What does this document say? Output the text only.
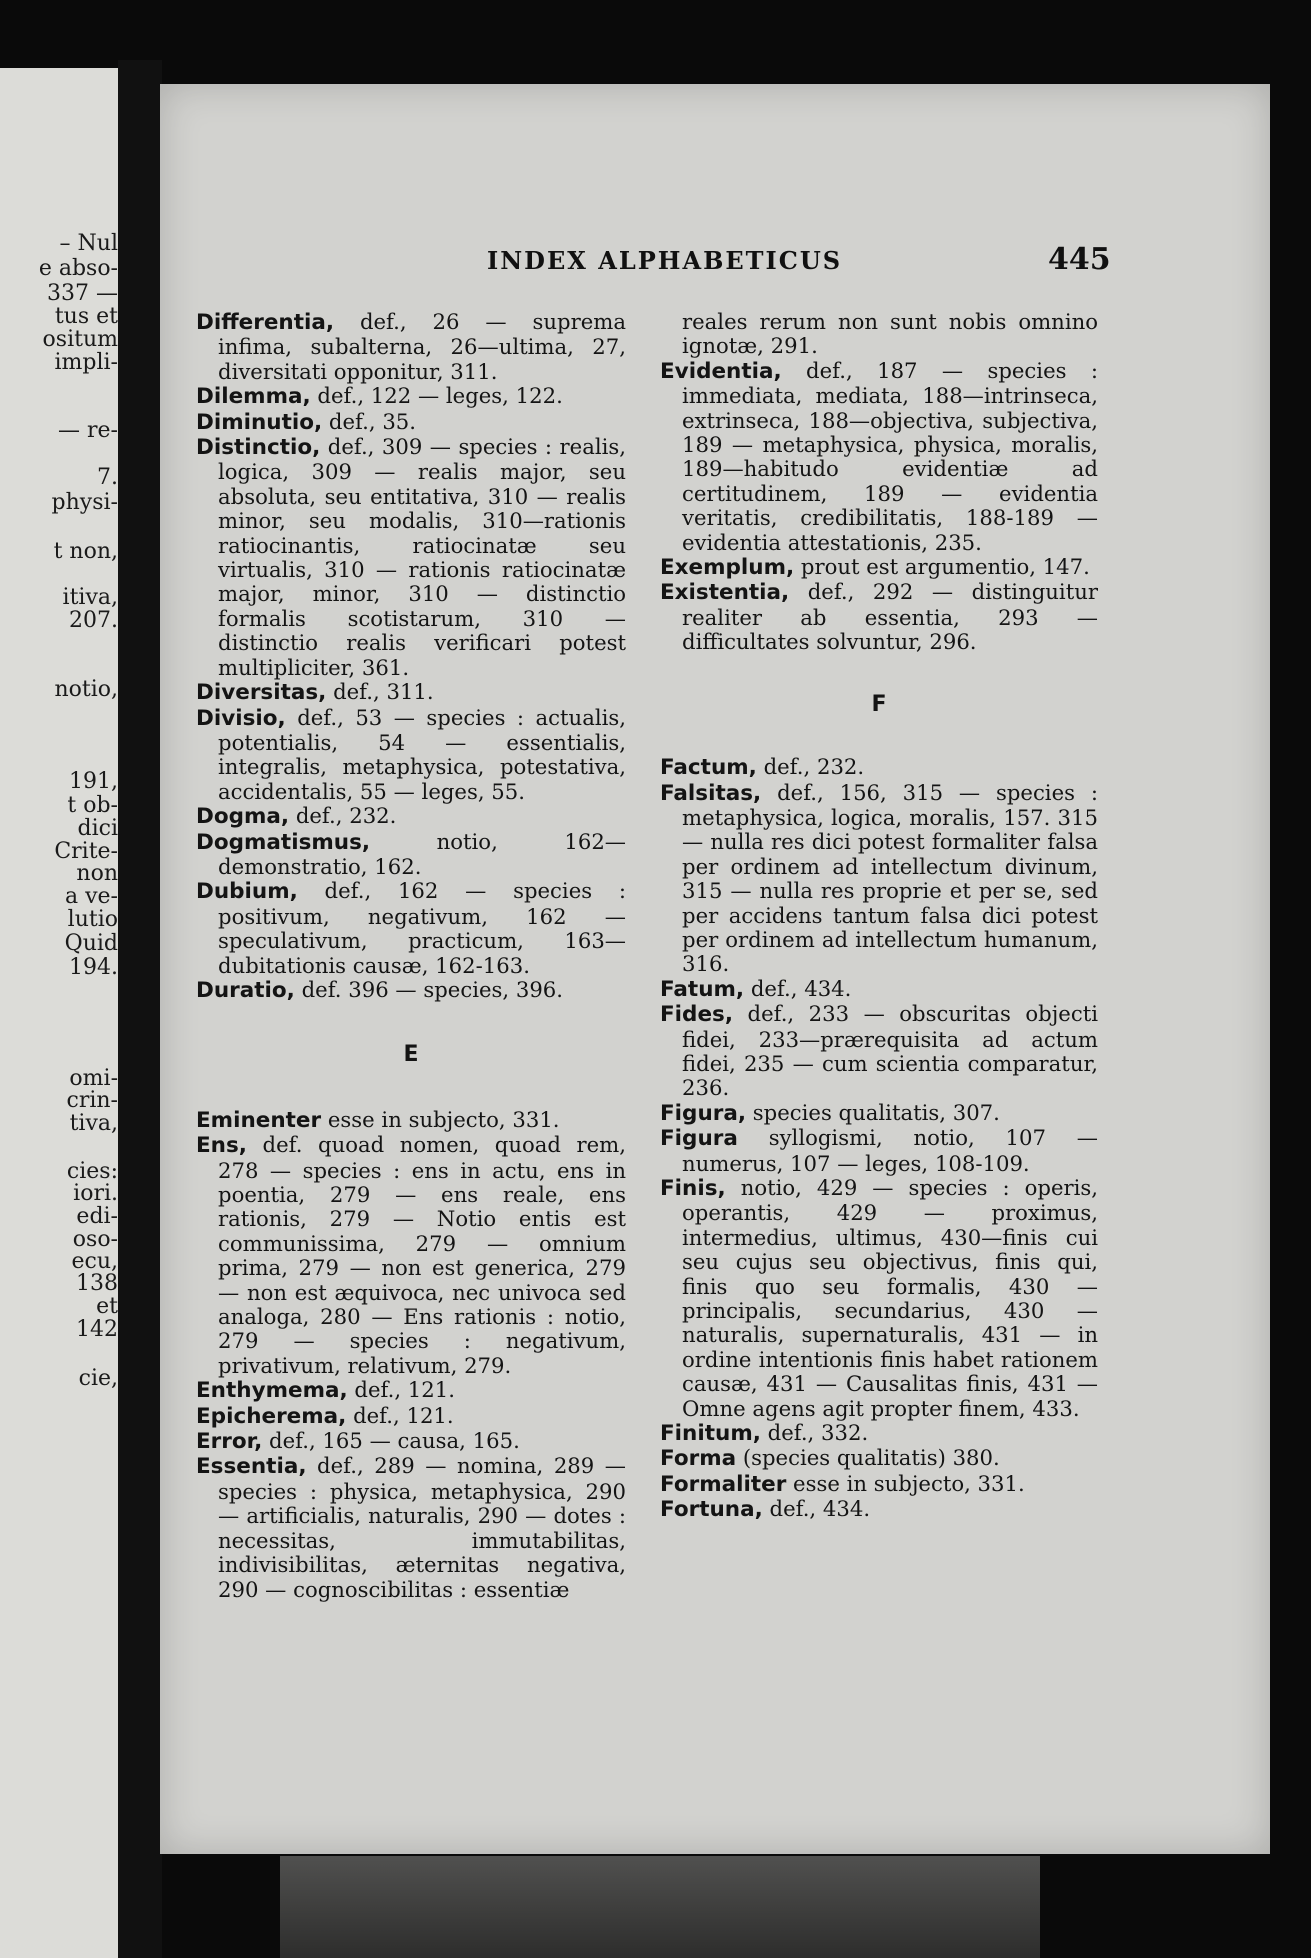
– Nul
e abso-
337 —
tus et
ositum
impli-
— re-
7.
physi-
t non,
itiva,
207.
notio,
191,
t ob-
dici
Crite-
non
a ve-
lutio
Quid
194.
omi-
crin-
tiva,
cies:
iori.
edi-
oso-
ecu,
138
et
142
cie,
INDEX ALPHABETICUS	445

Differentia, def., 26 — suprema infima, subalterna, 26—ultima, 27, diversitati opponitur, 311.

Dilemma, def., 122 — leges, 122.

Diminutio, def., 35.

Distinctio, def., 309 — species : realis, logica, 309 — realis major, seu absoluta, seu entitativa, 310 — realis minor, seu modalis, 310—rationis ratiocinantis, ratiocinatæ seu virtualis, 310 — rationis ratiocinatæ major, minor, 310 — distinctio formalis scotistarum, 310 — distinctio realis verificari potest multipliciter, 361.

Diversitas, def., 311.

Divisio, def., 53 — species : actualis, potentialis, 54 — essentialis, integralis, metaphysica, potestativa, accidentalis, 55 — leges, 55.

Dogma, def., 232.

Dogmatismus, notio, 162—demonstratio, 162.

Dubium, def., 162 — species : positivum, negativum, 162 — speculativum, practicum, 163—dubitationis causæ, 162-163.

Duratio, def. 396 — species, 396.

E

Eminenter esse in subjecto, 331.

Ens, def. quoad nomen, quoad rem, 278 — species : ens in actu, ens in poentia, 279 — ens reale, ens rationis, 279 — Notio entis est communissima, 279 — omnium prima, 279 — non est generica, 279 — non est æquivoca, nec univoca sed analoga, 280 — Ens rationis : notio, 279 — species : negativum, privativum, relativum, 279.

Enthymema, def., 121.

Epicherema, def., 121.

Error, def., 165 — causa, 165.

Essentia, def., 289 — nomina, 289 — species : physica, metaphysica, 290 — artificialis, naturalis, 290 — dotes : necessitas, immutabilitas, indivisibilitas, æternitas negativa, 290 — cognoscibilitas : essentiæ

reales rerum non sunt nobis omnino ignotæ, 291.

Evidentia, def., 187 — species : immediata, mediata, 188—intrinseca, extrinseca, 188—objectiva, subjectiva, 189 — metaphysica, physica, moralis, 189—habitudo evidentiæ ad certitudinem, 189 — evidentia veritatis, credibilitatis, 188-189 — evidentia attestationis, 235.

Exemplum, prout est argumentio, 147.

Existentia, def., 292 — distinguitur realiter ab essentia, 293 — difficultates solvuntur, 296.

F

Factum, def., 232.

Falsitas, def., 156, 315 — species : metaphysica, logica, moralis, 157. 315 — nulla res dici potest formaliter falsa per ordinem ad intellectum divinum, 315 — nulla res proprie et per se, sed per accidens tantum falsa dici potest per ordinem ad intellectum humanum, 316.

Fatum, def., 434.

Fides, def., 233 — obscuritas objecti fidei, 233—prærequisita ad actum fidei, 235 — cum scientia comparatur, 236.

Figura, species qualitatis, 307.

Figura syllogismi, notio, 107 — numerus, 107 — leges, 108-109.

Finis, notio, 429 — species : operis, operantis, 429 — proximus, intermedius, ultimus, 430—finis cui seu cujus seu objectivus, finis qui, finis quo seu formalis, 430 — principalis, secundarius, 430 — naturalis, supernaturalis, 431 — in ordine intentionis finis habet rationem causæ, 431 — Causalitas finis, 431 — Omne agens agit propter finem, 433.

Finitum, def., 332.

Forma (species qualitatis) 380.

Formaliter esse in subjecto, 331.

Fortuna, def., 434.
